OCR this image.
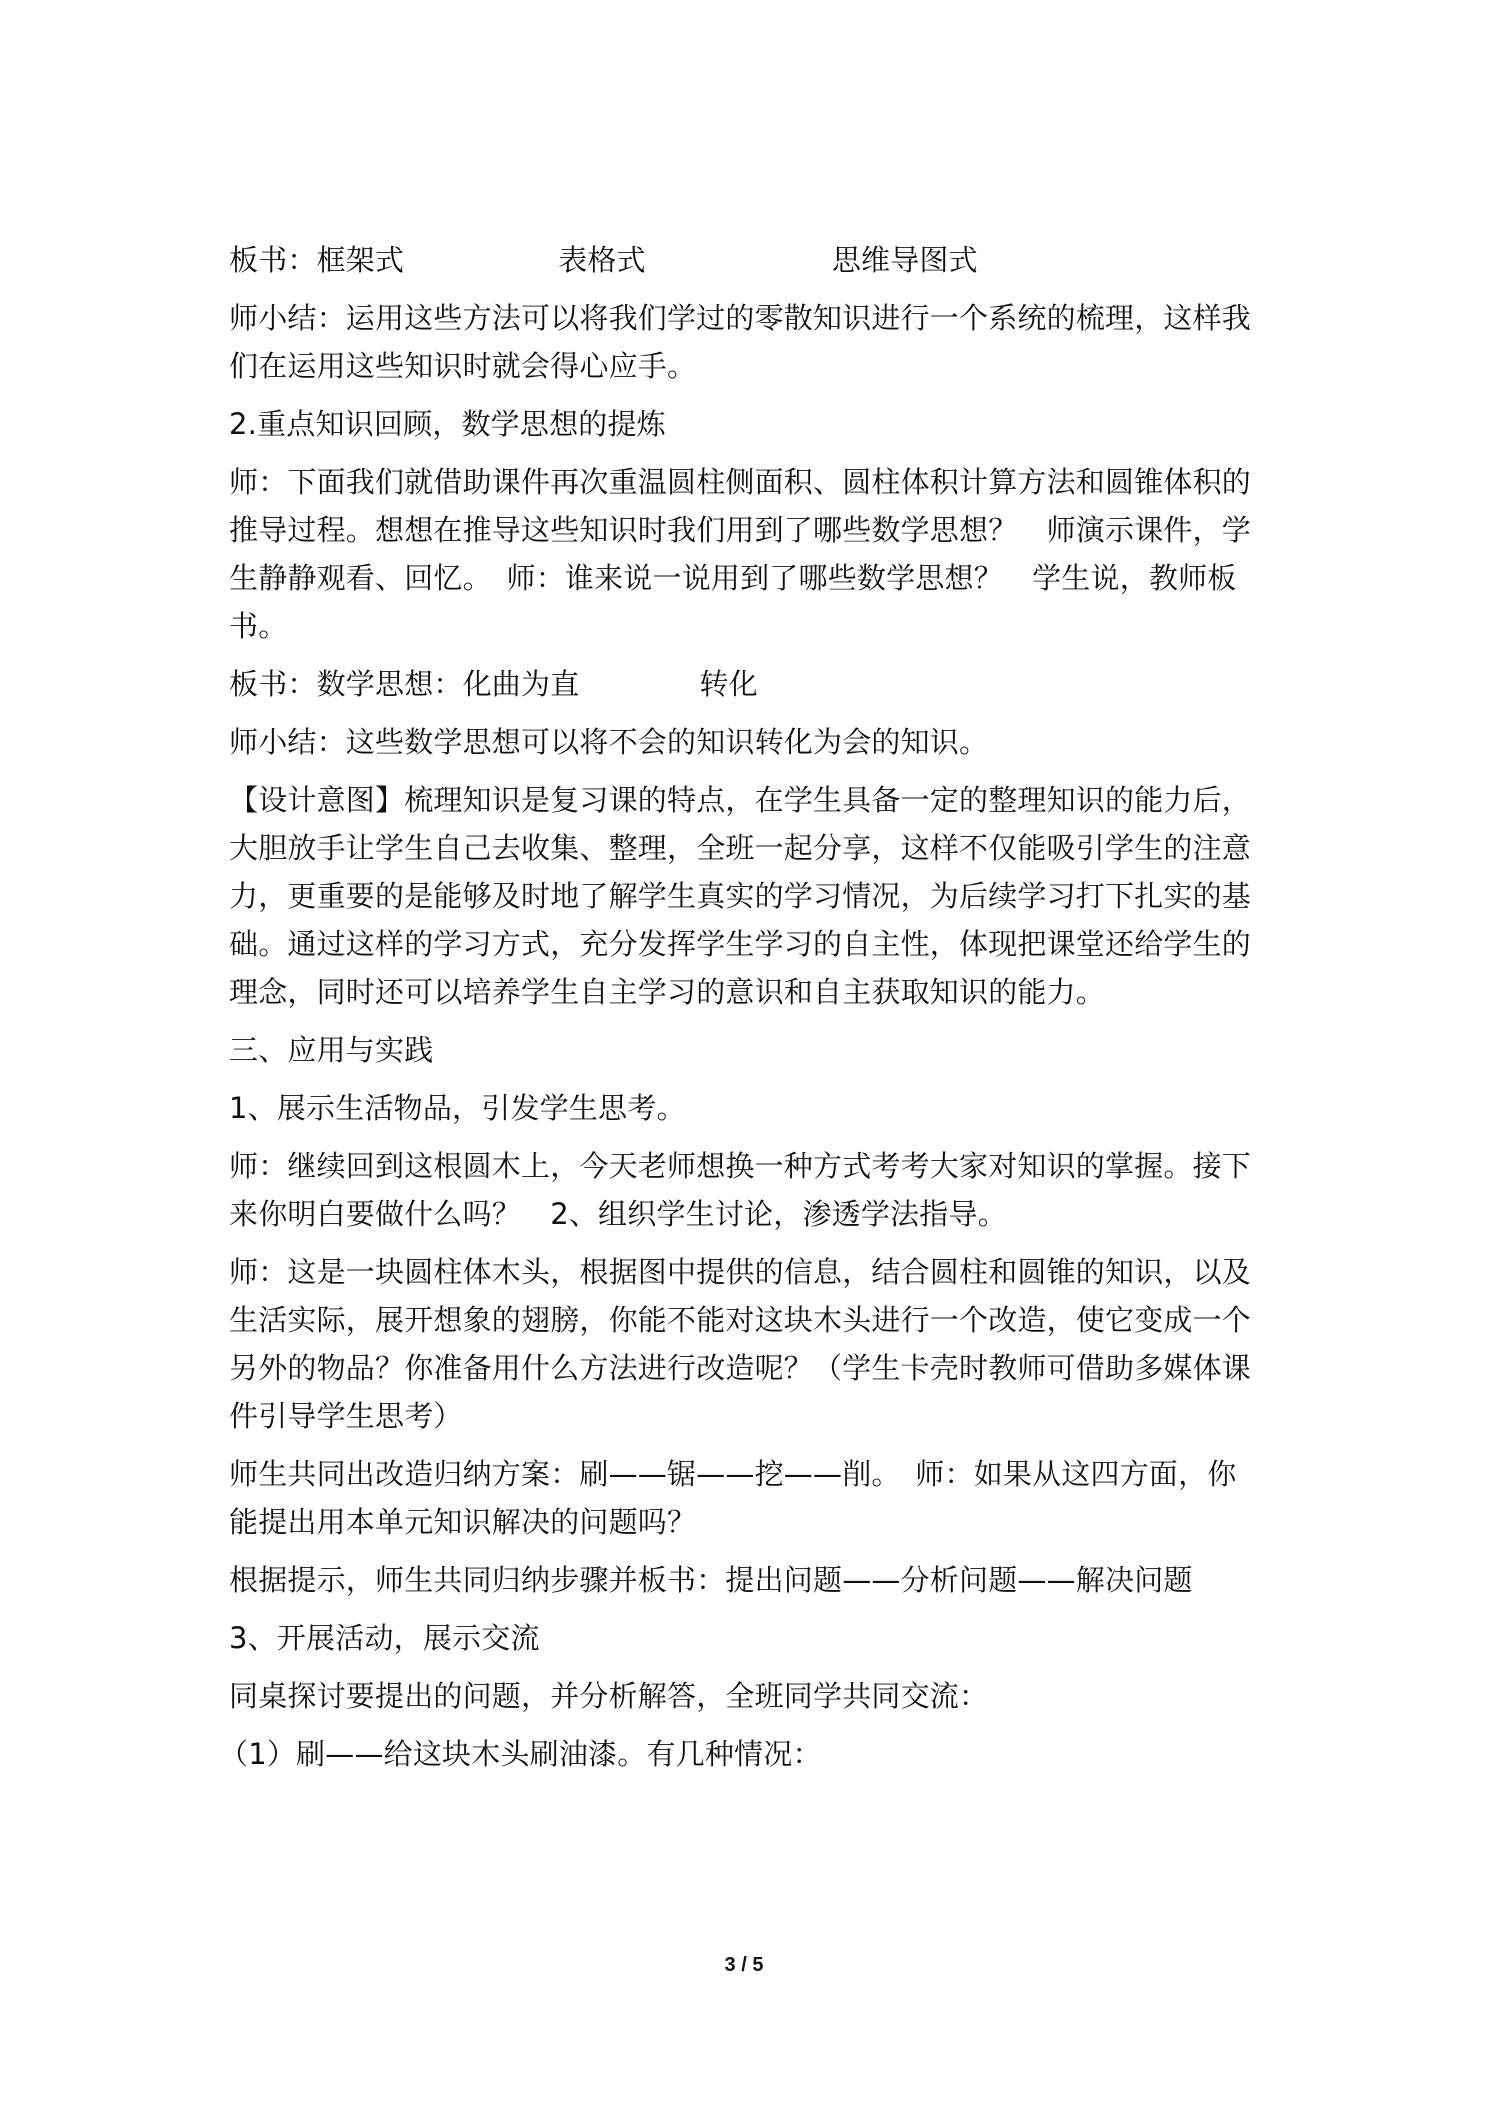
板书：框架式	表格式	思维导图式

师小结：运用这些方法可以将我们学过的零散知识进行一个系统的梳理，这样我

们在运用这些知识时就会得心应手。

2.重点知识回顾，数学思想的提炼

师：下面我们就借助课件再次重温圆柱侧面积、圆柱体积计算方法和圆锥体积的

推导过程。想想在推导这些知识时我们用到了哪些数学思想？　师演示课件，学

生静静观看、回忆。　师：谁来说一说用到了哪些数学思想？　学生说，教师板

书。

板书：数学思想：化曲为直	转化

师小结：这些数学思想可以将不会的知识转化为会的知识。

【设计意图】梳理知识是复习课的特点，在学生具备一定的整理知识的能力后，

大胆放手让学生自己去收集、整理，全班一起分享，这样不仅能吸引学生的注意

力，更重要的是能够及时地了解学生真实的学习情况，为后续学习打下扎实的基

础。通过这样的学习方式，充分发挥学生学习的自主性，体现把课堂还给学生的

理念，同时还可以培养学生自主学习的意识和自主获取知识的能力。

三、应用与实践

1、展示生活物品，引发学生思考。

师：继续回到这根圆木上，今天老师想换一种方式考考大家对知识的掌握。接下

来你明白要做什么吗？　2、组织学生讨论，渗透学法指导。

师：这是一块圆柱体木头，根据图中提供的信息，结合圆柱和圆锥的知识，以及

生活实际，展开想象的翅膀，你能不能对这块木头进行一个改造，使它变成一个

另外的物品？你准备用什么方法进行改造呢？（学生卡壳时教师可借助多媒体课

件引导学生思考）

师生共同出改造归纳方案：刷——锯——挖——削。　师：如果从这四方面，你

能提出用本单元知识解决的问题吗？

根据提示，师生共同归纳步骤并板书：提出问题——分析问题——解决问题

3、开展活动，展示交流

同桌探讨要提出的问题，并分析解答，全班同学共同交流：

（1）刷——给这块木头刷油漆。有几种情况：

3 / 5
